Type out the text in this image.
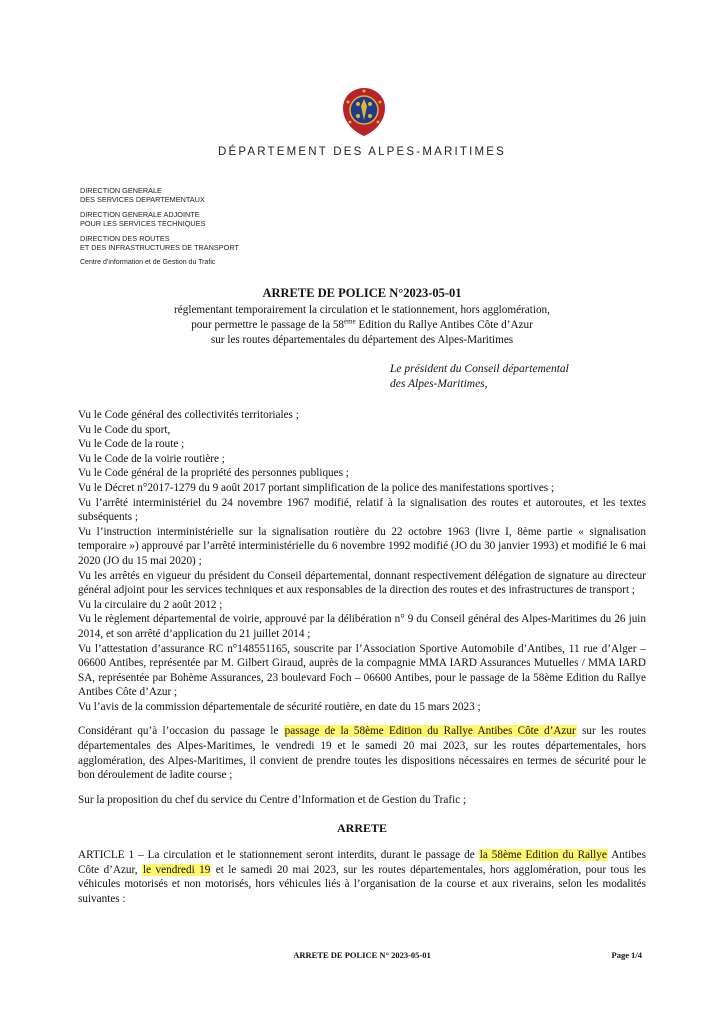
DÉPARTEMENT DES ALPES-MARITIMES
DIRECTION GENERALE
DES SERVICES DEPARTEMENTAUX
DIRECTION GENERALE ADJOINTE
POUR LES SERVICES TECHNIQUES
DIRECTION DES ROUTES
ET DES INFRASTRUCTURES DE TRANSPORT
Centre d’information et de Gestion du Trafic
ARRETE DE POLICE N°2023-05-01
réglementant temporairement la circulation et le stationnement, hors agglomération,
pour permettre le passage de la 58ème Edition du Rallye Antibes Côte d’Azur
sur les routes départementales du département des Alpes-Maritimes
Le président du Conseil départemental
des Alpes-Maritimes,

Vu le Code général des collectivités territoriales ;

Vu le Code du sport,

Vu le Code de la route ;

Vu le Code de la voirie routière ;

Vu le Code général de la propriété des personnes publiques ;

Vu le Décret n°2017-1279 du 9 août 2017 portant simplification de la police des manifestations sportives ;

Vu l’arrêté interministériel du 24 novembre 1967 modifié, relatif à la signalisation des routes et autoroutes, et les textes subséquents ;

Vu l’instruction interministérielle sur la signalisation routière du 22 octobre 1963 (livre I, 8ème partie « signalisation temporaire ») approuvé par l’arrêté interministérielle du 6 novembre 1992 modifié (JO du 30 janvier 1993) et modifié le 6 mai 2020 (JO du 15 mai 2020) ;

Vu les arrêtés en vigueur du président du Conseil départemental, donnant respectivement délégation de signature au directeur général adjoint pour les services techniques et aux responsables de la direction des routes et des infrastructures de transport ;

Vu la circulaire du 2 août 2012 ;

Vu le règlement départemental de voirie, approuvé par la délibération n° 9 du Conseil général des Alpes-Maritimes du 26 juin 2014, et son arrêté d’application du 21 juillet 2014 ;

Vu l’attestation d’assurance RC n°148551165, souscrite par l’Association Sportive Automobile d’Antibes, 11 rue d’Alger – 06600 Antibes, représentée par M. Gilbert Giraud, auprès de la compagnie MMA IARD Assurances Mutuelles / MMA IARD SA, représentée par Bohème Assurances, 23 boulevard Foch – 06600 Antibes, pour le passage de la 58ème Edition du Rallye Antibes Côte d’Azur ;

Vu l’avis de la commission départementale de sécurité routière, en date du 15 mars 2023 ;

Considérant qu’à l’occasion du passage le passage de la 58ème Edition du Rallye Antibes Côte d’Azur sur les routes départementales des Alpes-Maritimes, le vendredi 19 et le samedi 20 mai 2023, sur les routes départementales, hors agglomération, des Alpes-Maritimes, il convient de prendre toutes les dispositions nécessaires en termes de sécurité pour le bon déroulement de ladite course ;

Sur la proposition du chef du service du Centre d’Information et de Gestion du Trafic ;

ARRETE

ARTICLE 1 – La circulation et le stationnement seront interdits, durant le passage de la 58ème Edition du Rallye Antibes Côte d’Azur, le vendredi 19 et le samedi 20 mai 2023, sur les routes départementales, hors agglomération, pour tous les véhicules motorisés et non motorisés, hors véhicules liés à l’organisation de la course et aux riverains, selon les modalités suivantes :

ARRETE DE POLICE N° 2023-05-01	Page 1/4
